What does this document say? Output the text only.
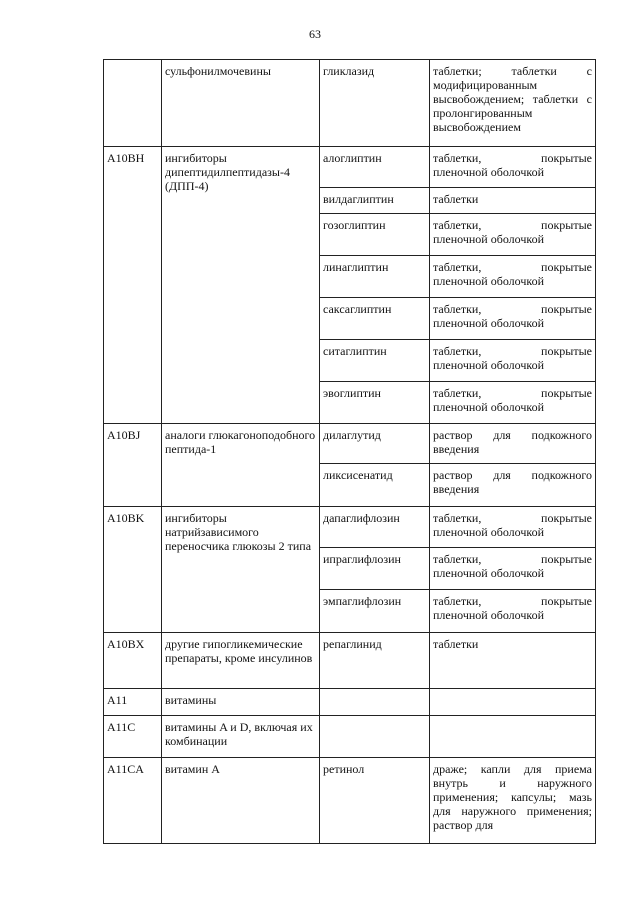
63
	сульфонилмочевины	гликлазид	таблетки; таблетки с модифицированным высвобождением; таблетки с пролонгированным высвобождением
A10BH	ингибиторы дипептидилпептидазы-4 (ДПП-4)	алоглиптин	таблетки, покрытые пленочной оболочкой
		вилдаглиптин	таблетки
		гозоглиптин	таблетки, покрытые пленочной оболочкой
		линаглиптин	таблетки, покрытые пленочной оболочкой
		саксаглиптин	таблетки, покрытые пленочной оболочкой
		ситаглиптин	таблетки, покрытые пленочной оболочкой
		эвоглиптин	таблетки, покрытые пленочной оболочкой
A10BJ	аналоги глюкагоноподобного пептида-1	дилаглутид	раствор для подкожного введения
		ликсисенатид	раствор для подкожного введения
A10BK	ингибиторы натрийзависимого переносчика глюкозы 2 типа	дапаглифлозин	таблетки, покрытые пленочной оболочкой
		ипраглифлозин	таблетки, покрытые пленочной оболочкой
		эмпаглифлозин	таблетки, покрытые пленочной оболочкой
A10BX	другие гипогликемические препараты, кроме инсулинов	репаглинид	таблетки
A11	витамины		
A11C	витамины A и D, включая их комбинации		
A11CA	витамин A	ретинол	драже; капли для приема внутрь и наружного применения; капсулы; мазь для наружного применения; раствор для
